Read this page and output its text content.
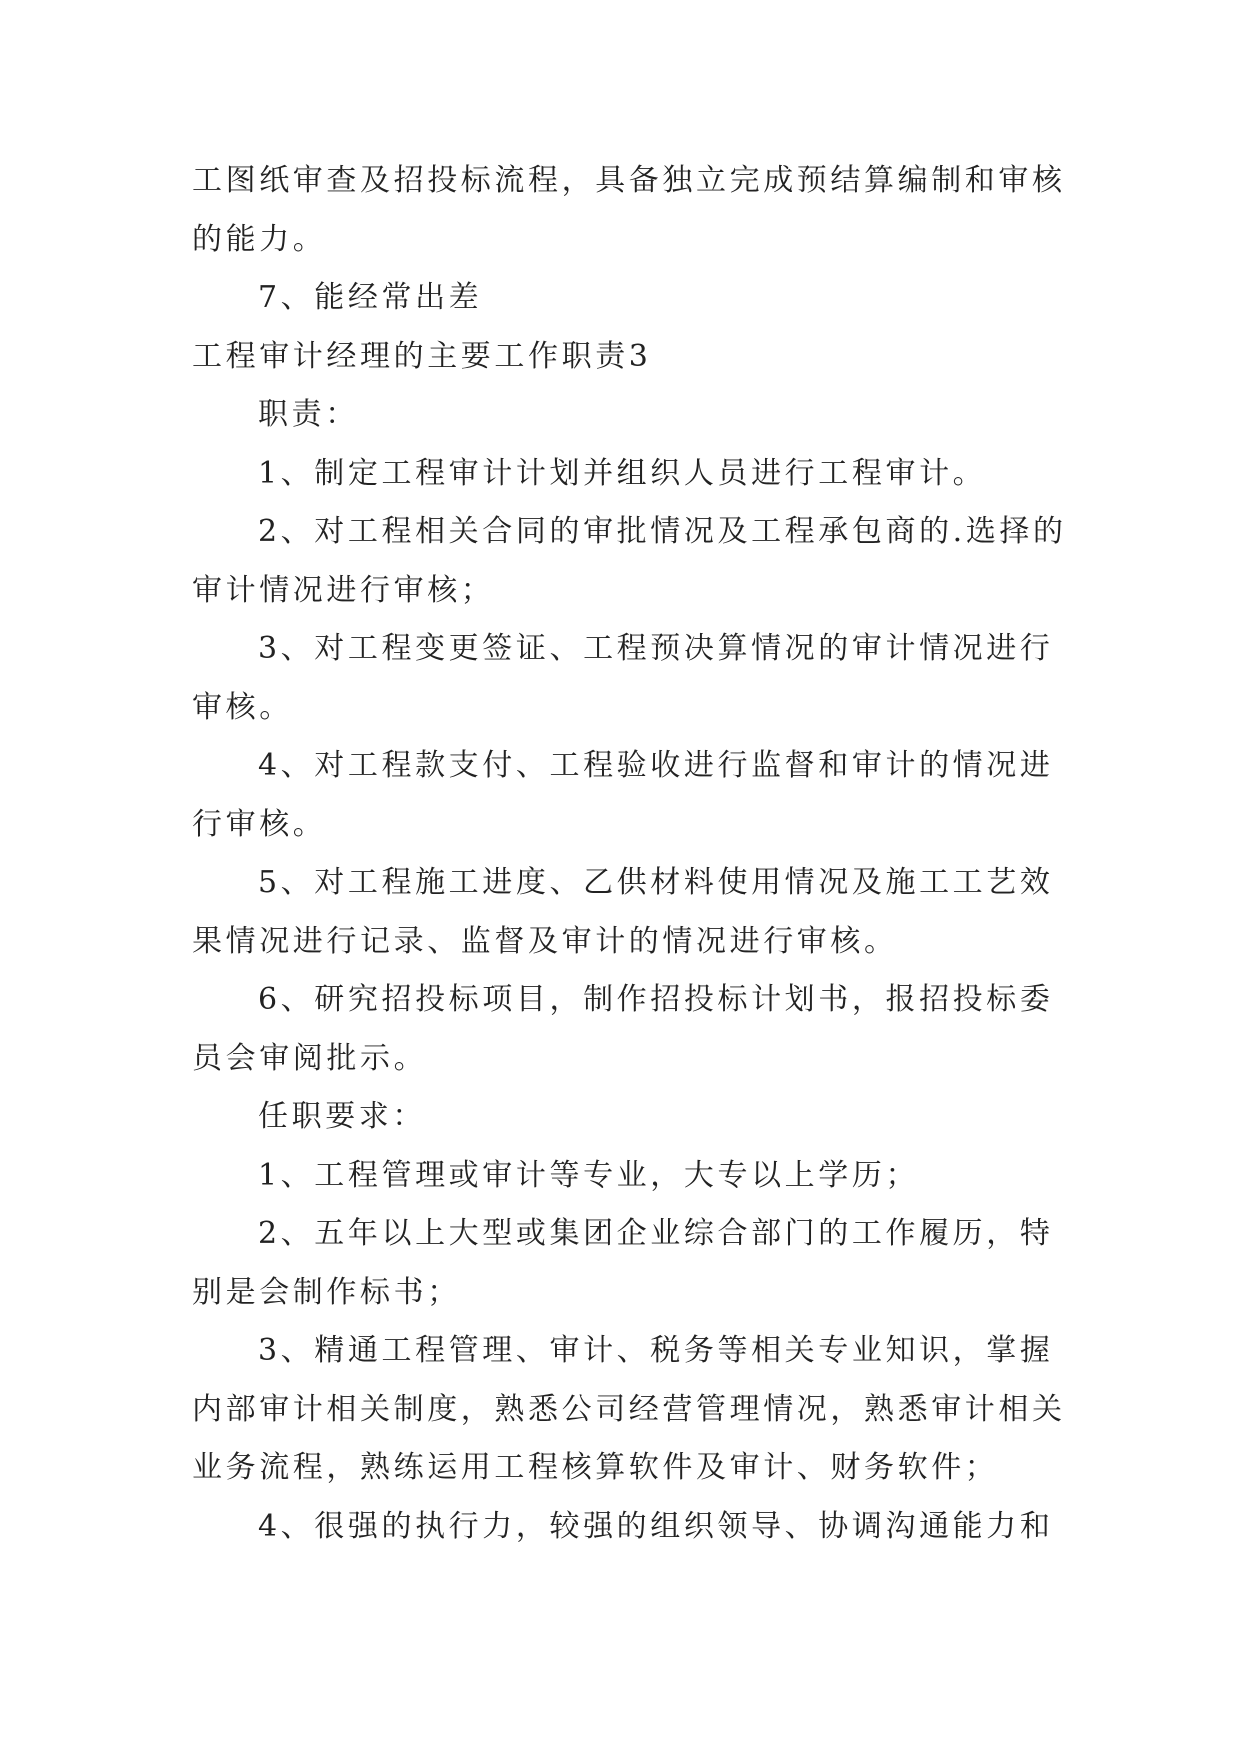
工图纸审查及招投标流程，具备独立完成预结算编制和审核
的能力。
7、能经常出差
工程审计经理的主要工作职责3
职责：
1、制定工程审计计划并组织人员进行工程审计。
2、对工程相关合同的审批情况及工程承包商的.选择的
审计情况进行审核；
3、对工程变更签证、工程预决算情况的审计情况进行
审核。
4、对工程款支付、工程验收进行监督和审计的情况进
行审核。
5、对工程施工进度、乙供材料使用情况及施工工艺效
果情况进行记录、监督及审计的情况进行审核。
6、研究招投标项目，制作招投标计划书，报招投标委
员会审阅批示。
任职要求：
1、工程管理或审计等专业，大专以上学历；
2、五年以上大型或集团企业综合部门的工作履历，特
别是会制作标书；
3、精通工程管理、审计、税务等相关专业知识，掌握
内部审计相关制度，熟悉公司经营管理情况，熟悉审计相关
业务流程，熟练运用工程核算软件及审计、财务软件；
4、很强的执行力，较强的组织领导、协调沟通能力和
